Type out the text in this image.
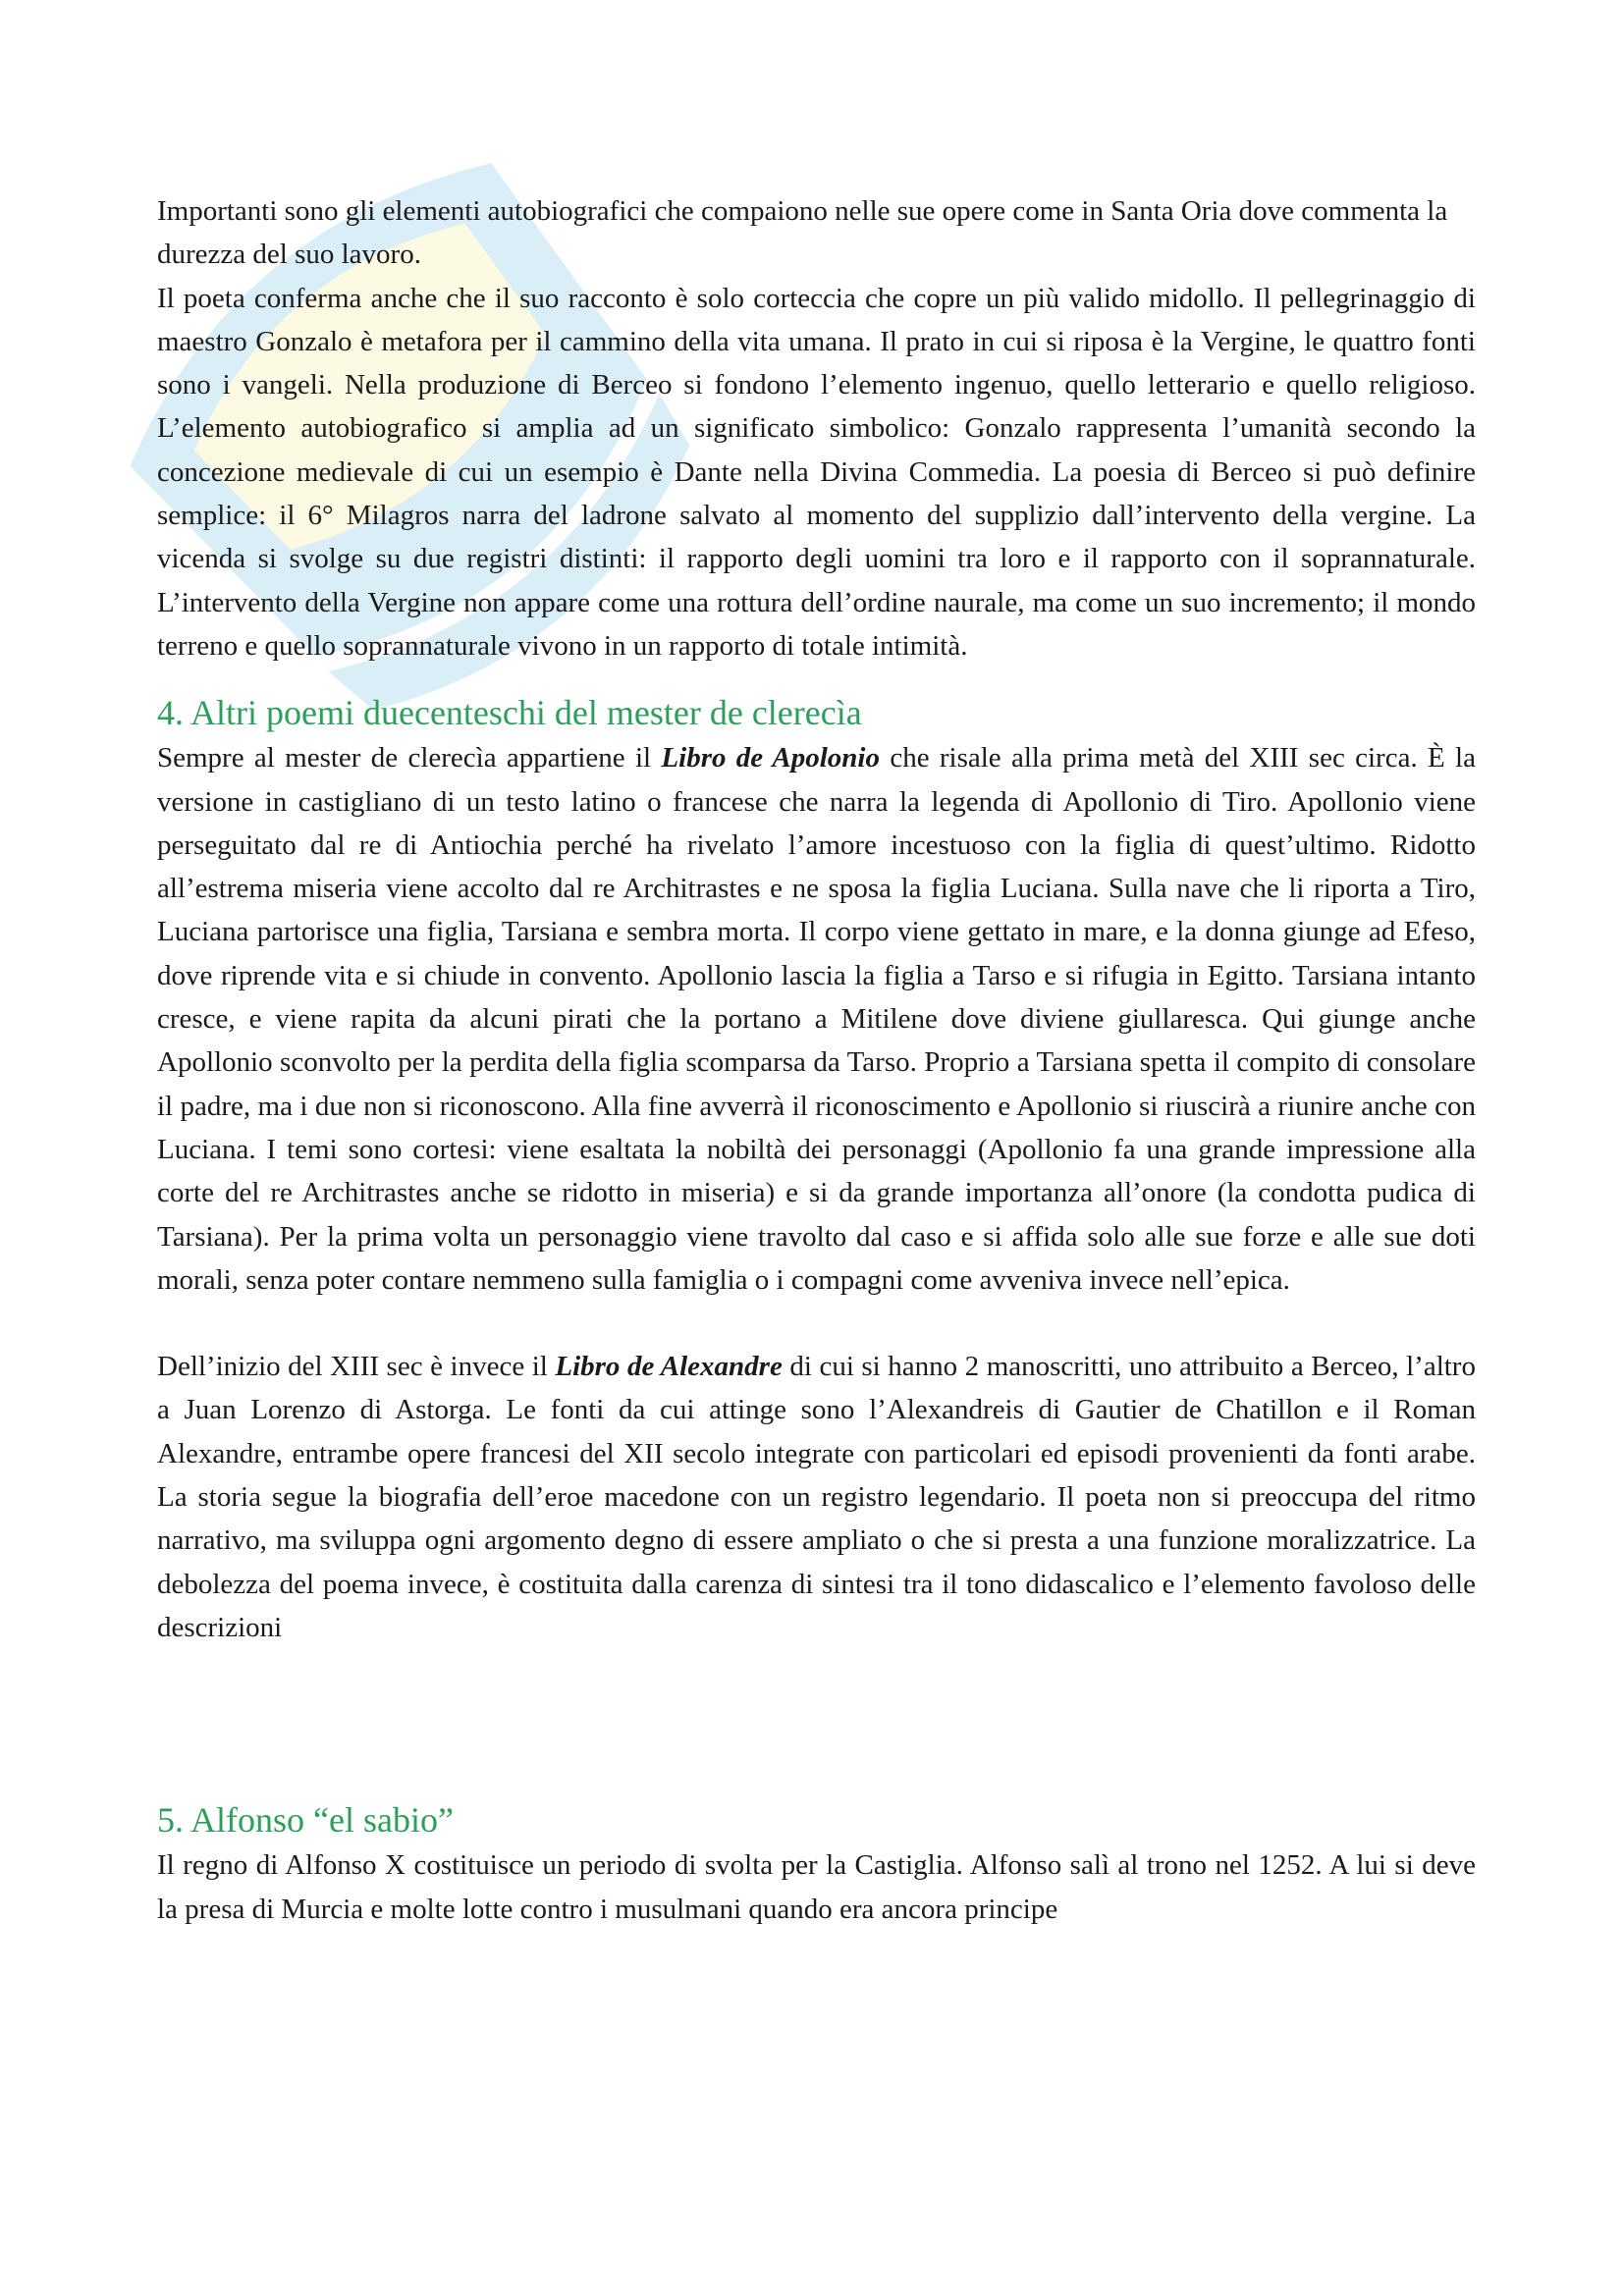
Importanti sono gli elementi autobiografici che compaiono nelle sue opere come in Santa Oria dove commenta la durezza del suo lavoro.

Il poeta conferma anche che il suo racconto è solo corteccia che copre un più valido midollo. Il pellegrinaggio di maestro Gonzalo è metafora per il cammino della vita umana. Il prato in cui si riposa è la Vergine, le quattro fonti sono i vangeli. Nella produzione di Berceo si fondono l’elemento ingenuo, quello letterario e quello religioso. L’elemento autobiografico si amplia ad un significato simbolico: Gonzalo rappresenta l’umanità secondo la concezione medievale di cui un esempio è Dante nella Divina Commedia. La poesia di Berceo si può definire semplice: il 6° Milagros narra del ladrone salvato al momento del supplizio dall’intervento della vergine. La vicenda si svolge su due registri distinti: il rapporto degli uomini tra loro e il rapporto con il soprannaturale. L’intervento della Vergine non appare come una rottura dell’ordine naurale, ma come un suo incremento; il mondo terreno e quello soprannaturale vivono in un rapporto di totale intimità.

4. Altri poemi duecenteschi del mester de clerecìa

Sempre al mester de clerecìa appartiene il Libro de Apolonio che risale alla prima metà del XIII sec circa. È la versione in castigliano di un testo latino o francese che narra la legenda di Apollonio di Tiro. Apollonio viene perseguitato dal re di Antiochia perché ha rivelato l’amore incestuoso con la figlia di quest’ultimo. Ridotto all’estrema miseria viene accolto dal re Architrastes e ne sposa la figlia Luciana. Sulla nave che li riporta a Tiro, Luciana partorisce una figlia, Tarsiana e sembra morta. Il corpo viene gettato in mare, e la donna giunge ad Efeso, dove riprende vita e si chiude in convento. Apollonio lascia la figlia a Tarso e si rifugia in Egitto. Tarsiana intanto cresce, e viene rapita da alcuni pirati che la portano a Mitilene dove diviene giullaresca. Qui giunge anche Apollonio sconvolto per la perdita della figlia scomparsa da Tarso. Proprio a Tarsiana spetta il compito di consolare il padre, ma i due non si riconoscono. Alla fine avverrà il riconoscimento e Apollonio si riuscirà a riunire anche con Luciana. I temi sono cortesi: viene esaltata la nobiltà dei personaggi (Apollonio fa una grande impressione alla corte del re Architrastes anche se ridotto in miseria) e si da grande importanza all’onore (la condotta pudica di Tarsiana). Per la prima volta un personaggio viene travolto dal caso e si affida solo alle sue forze e alle sue doti morali, senza poter contare nemmeno sulla famiglia o i compagni come avveniva invece nell’epica.

Dell’inizio del XIII sec è invece il Libro de Alexandre di cui si hanno 2 manoscritti, uno attribuito a Berceo, l’altro a Juan Lorenzo di Astorga. Le fonti da cui attinge sono l’Alexandreis di Gautier de Chatillon e il Roman Alexandre, entrambe opere francesi del XII secolo integrate con particolari ed episodi provenienti da fonti arabe. La storia segue la biografia dell’eroe macedone con un registro legendario. Il poeta non si preoccupa del ritmo narrativo, ma sviluppa ogni argomento degno di essere ampliato o che si presta a una funzione moralizzatrice. La debolezza del poema invece, è costituita dalla carenza di sintesi tra il tono didascalico e l’elemento favoloso delle descrizioni

5. Alfonso “el sabio”

Il regno di Alfonso X costituisce un periodo di svolta per la Castiglia. Alfonso salì al trono nel 1252. A lui si deve la presa di Murcia e molte lotte contro i musulmani quando era ancora principe
